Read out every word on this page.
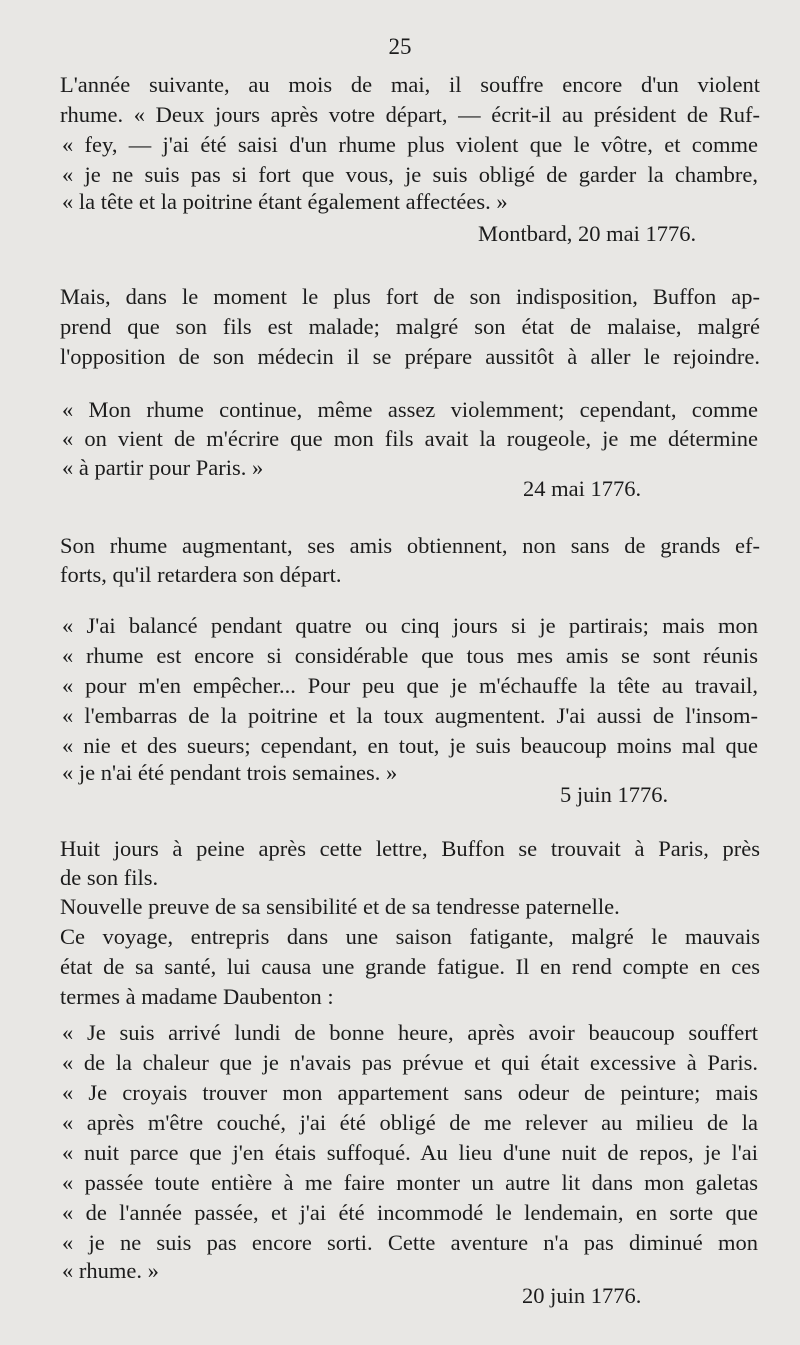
25
L'année suivante, au mois de mai, il souffre encore d'un violent
rhume. « Deux jours après votre départ, — écrit-il au président de Ruf-
« fey, — j'ai été saisi d'un rhume plus violent que le vôtre, et comme
« je ne suis pas si fort que vous, je suis obligé de garder la chambre,
« la tête et la poitrine étant également affectées. »
Montbard, 20 mai 1776.
Mais, dans le moment le plus fort de son indisposition, Buffon ap-
prend que son fils est malade; malgré son état de malaise, malgré
l'opposition de son médecin il se prépare aussitôt à aller le rejoindre.
« Mon rhume continue, même assez violemment; cependant, comme
« on vient de m'écrire que mon fils avait la rougeole, je me détermine
« à partir pour Paris. »
24 mai 1776.
Son rhume augmentant, ses amis obtiennent, non sans de grands ef-
forts, qu'il retardera son départ.
« J'ai balancé pendant quatre ou cinq jours si je partirais; mais mon
« rhume est encore si considérable que tous mes amis se sont réunis
« pour m'en empêcher... Pour peu que je m'échauffe la tête au travail,
« l'embarras de la poitrine et la toux augmentent. J'ai aussi de l'insom-
« nie et des sueurs; cependant, en tout, je suis beaucoup moins mal que
« je n'ai été pendant trois semaines. »
5 juin 1776.
Huit jours à peine après cette lettre, Buffon se trouvait à Paris, près
de son fils.
Nouvelle preuve de sa sensibilité et de sa tendresse paternelle.
Ce voyage, entrepris dans une saison fatigante, malgré le mauvais
état de sa santé, lui causa une grande fatigue. Il en rend compte en ces
termes à madame Daubenton :
« Je suis arrivé lundi de bonne heure, après avoir beaucoup souffert
« de la chaleur que je n'avais pas prévue et qui était excessive à Paris.
« Je croyais trouver mon appartement sans odeur de peinture; mais
« après m'être couché, j'ai été obligé de me relever au milieu de la
« nuit parce que j'en étais suffoqué. Au lieu d'une nuit de repos, je l'ai
« passée toute entière à me faire monter un autre lit dans mon galetas
« de l'année passée, et j'ai été incommodé le lendemain, en sorte que
« je ne suis pas encore sorti. Cette aventure n'a pas diminué mon
« rhume. »
20 juin 1776.
